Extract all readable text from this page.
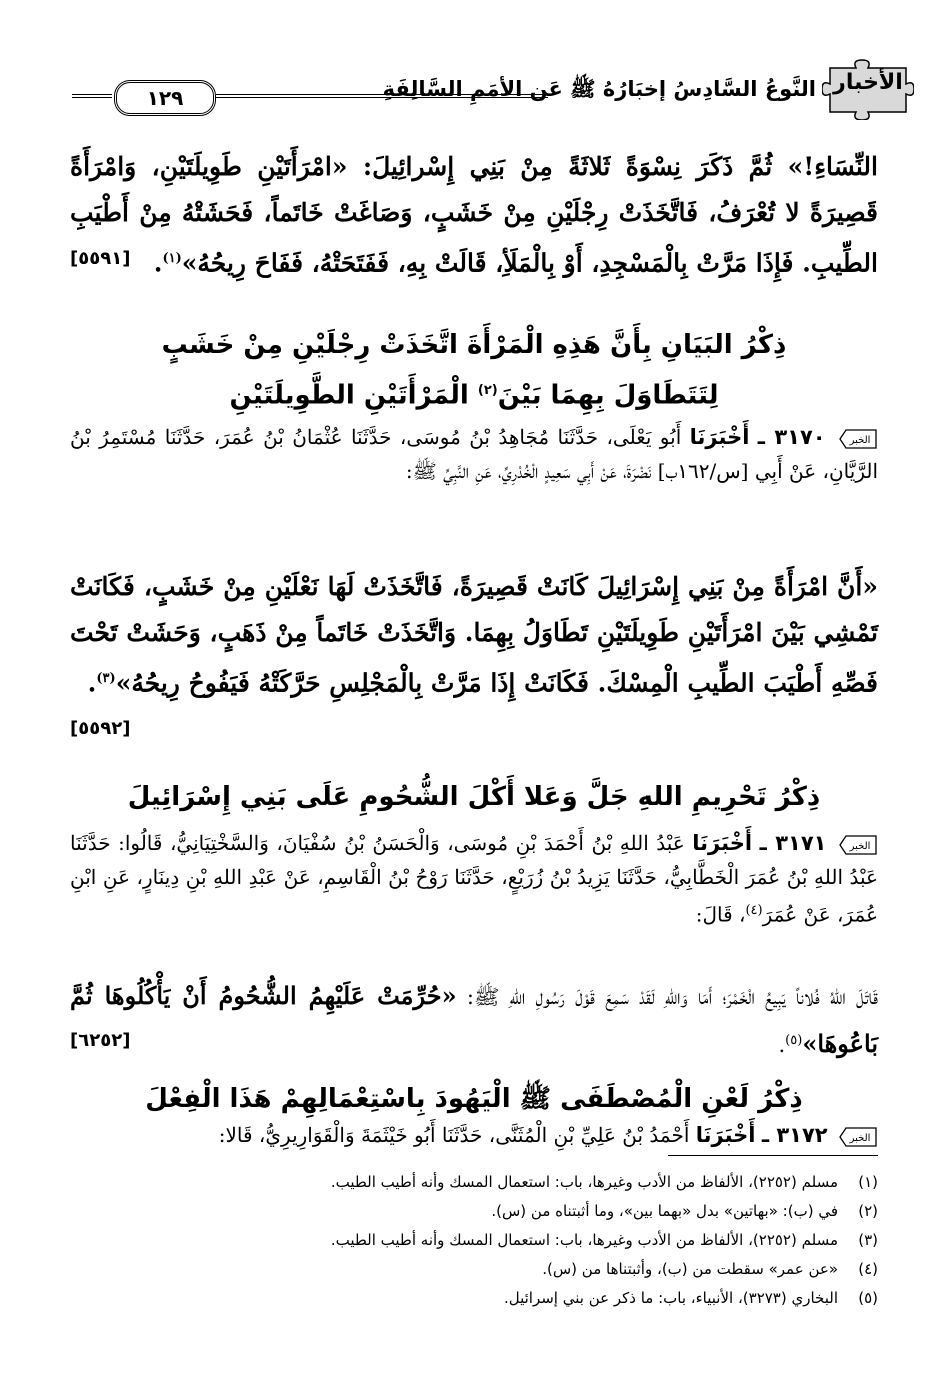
الأخبار
النَّوعُ السَّادِسُ إخبَارُهُ ﷺ عَن الأمَمِ السَّالِفَةِ
١٢٩
النِّسَاءِ!» ثُمَّ ذَكَرَ نِسْوَةً ثَلاثَةً مِنْ بَنِي إِسْرائِيلَ: «امْرَأَتَيْنِ طَوِيلَتَيْنِ، وَامْرَأَةً قَصِيرَةً لا تُعْرَفُ، فَاتَّخَذَتْ رِجْلَيْنِ مِنْ خَشَبٍ، وَصَاغَتْ خَاتَماً، فَحَشَتْهُ مِنْ أَطْيَبِ الطِّيبِ. فَإِذَا مَرَّتْ بِالْمَسْجِدِ، أَوْ بِالْمَلَأِ، قَالَتْ بِهِ، فَفَتَحَتْهُ، فَفَاحَ رِيحُهُ»$^{(١)}$.
[٥٥٩١]
ذِكْرُ البَيَانِ بِأَنَّ هَذِهِ الْمَرْأَةَ اتَّخَذَتْ رِجْلَيْنِ مِنْ خَشَبٍ
لِتَتَطَاوَلَ بِهِمَا بَيْنَ$^{(٢)}$ الْمَرْأَتَيْنِ الطَّوِيلَتَيْنِ
الخبر
٣١٧٠ ـ أَخْبَرَنَا أَبُو يَعْلَى، حَدَّثَنَا مُجَاهِدُ بْنُ مُوسَى، حَدَّثَنَا عُثْمَانُ بْنُ عُمَرَ، حَدَّثَنَا مُسْتَمِرُ بْنُ الرَّيَّانِ، عَنْ أَبِي [س/١٦٢ب] نَضْرَةَ، عَنْ أَبِي سَعِيدٍ الْخُدْرِيِّ، عَنِ النَّبِيِّ ﷺ:
«أَنَّ امْرَأَةً مِنْ بَنِي إِسْرَائِيلَ كَانَتْ قَصِيرَةً، فَاتَّخَذَتْ لَهَا نَعْلَيْنِ مِنْ خَشَبٍ، فَكَانَتْ تَمْشِي بَيْنَ امْرَأَتَيْنِ طَوِيلَتَيْنِ تَطَاوَلُ بِهِمَا. وَاتَّخَذَتْ خَاتَماً مِنْ ذَهَبٍ، وَحَشَتْ تَحْتَ فَصِّهِ أَطْيَبَ الطِّيبِ الْمِسْكَ. فَكَانَتْ إِذَا مَرَّتْ بِالْمَجْلِسِ حَرَّكَتْهُ فَيَفُوحُ رِيحُهُ»$^{(٣)}$.
[٥٥٩٢]
ذِكْرُ تَحْرِيمِ اللهِ جَلَّ وَعَلا أَكْلَ الشُّحُومِ عَلَى بَنِي إِسْرَائِيلَ
الخبر
٣١٧١ ـ أَخْبَرَنَا عَبْدُ اللهِ بْنُ أَحْمَدَ بْنِ مُوسَى، وَالْحَسَنُ بْنُ سُفْيَانَ، وَالسَّخْتِيَانِيُّ، قَالُوا: حَدَّثَنَا عَبْدُ اللهِ بْنُ عُمَرَ الْخَطَّابِيُّ، حَدَّثَنَا يَزِيدُ بْنُ زُرَيْعٍ، حَدَّثَنَا رَوْحُ بْنُ الْقَاسِمِ، عَنْ عَبْدِ اللهِ بْنِ دِينَارٍ، عَنِ ابْنِ عُمَرَ، عَنْ عُمَرَ$^{(٤)}$، قَالَ:
قَاتَلَ اللهُ فُلاناً يَبِيعُ الْخَمْرَ؛ أَمَا وَاللهِ لَقَدْ سَمِعَ قَوْلَ رَسُولِ اللهِ ﷺ: «حُرِّمَتْ عَلَيْهِمُ الشُّحُومُ أَنْ يَأْكُلُوهَا ثُمَّ بَاعُوهَا»$^{(٥)}$.
[٦٢٥٢]
ذِكْرُ لَعْنِ الْمُصْطَفَى ﷺ الْيَهُودَ بِاسْتِعْمَالِهِمْ هَذَا الْفِعْلَ
الخبر
٣١٧٢ ـ أَخْبَرَنَا أَحْمَدُ بْنُ عَلِيِّ بْنِ الْمُثَنَّى، حَدَّثَنَا أَبُو خَيْثَمَةَ وَالْقَوَارِيرِيُّ، قَالا:
(١)مسلم (٢٢٥٢)، الألفاظ من الأدب وغيرها، باب: استعمال المسك وأنه أطيب الطيب.
(٢)في (ب): «بهاتين» بدل «بهما بين»، وما أثبتناه من (س).
(٣)مسلم (٢٢٥٢)، الألفاظ من الأدب وغيرها، باب: استعمال المسك وأنه أطيب الطيب.
(٤)«عن عمر» سقطت من (ب)، وأثبتناها من (س).
(٥)البخاري (٣٢٧٣)، الأنبياء، باب: ما ذكر عن بني إسرائيل.
